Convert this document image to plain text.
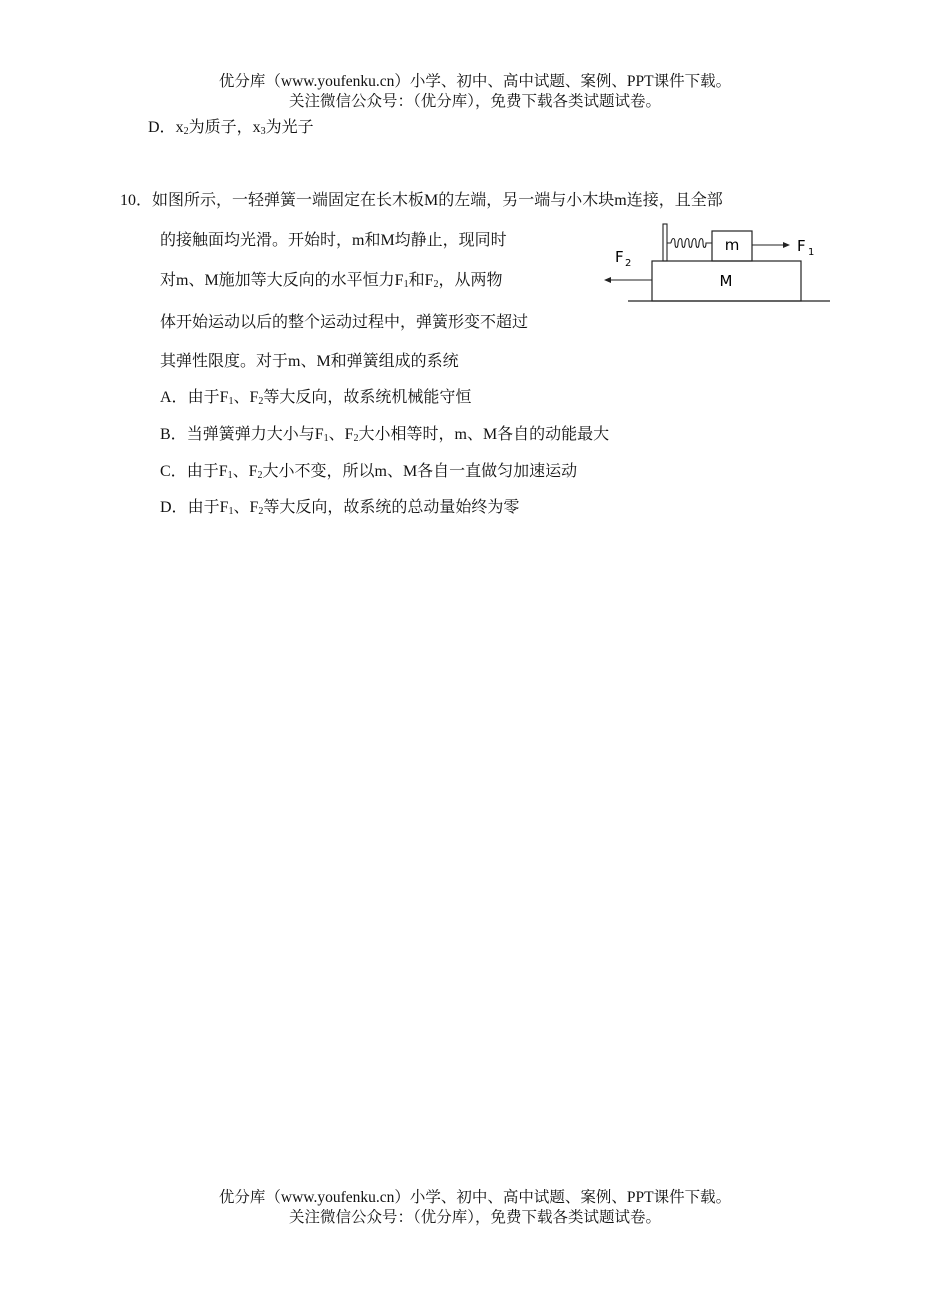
优分库（www.youfenku.cn）小学、初中、高中试题、案例、PPT课件下载。
关注微信公众号：（优分库），免费下载各类试题试卷。
D．$x_2$为质子，$x_3$为光子
10．如图所示，一轻弹簧一端固定在长木板M的左端，另一端与小木块m连接，且全部
的接触面均光滑。开始时，m和M均静止，现同时
对m、M施加等大反向的水平恒力$F_1$和$F_2$，从两物
体开始运动以后的整个运动过程中，弹簧形变不超过
其弹性限度。对于m、M和弹簧组成的系统
A．由于$F_1$、$F_2$等大反向，故系统机械能守恒
B．当弹簧弹力大小与$F_1$、$F_2$大小相等时，m、M各自的动能最大
C．由于$F_1$、$F_2$大小不变，所以m、M各自一直做匀加速运动
D．由于$F_1$、$F_2$等大反向，故系统的总动量始终为零
M
m	F 1
F 2
优分库（www.youfenku.cn）小学、初中、高中试题、案例、PPT课件下载。
关注微信公众号：（优分库），免费下载各类试题试卷。
